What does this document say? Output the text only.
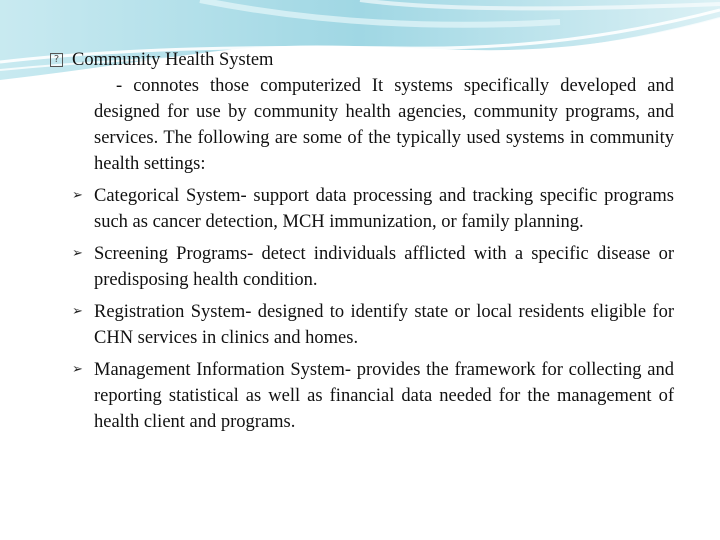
? Community Health System

- connotes those computerized It systems specifically developed and designed for use by community health agencies, community programs, and services. The following are some of the typically used systems in community health settings:

➢ Categorical System- support data processing and tracking specific programs such as cancer detection, MCH immunization, or family planning.
➢ Screening Programs- detect individuals afflicted with a specific disease or predisposing health condition.
➢ Registration System- designed to identify state or local residents eligible for CHN services in clinics and homes.
➢ Management Information System- provides the framework for collecting and reporting statistical as well as financial data needed for the management of health client and programs.
